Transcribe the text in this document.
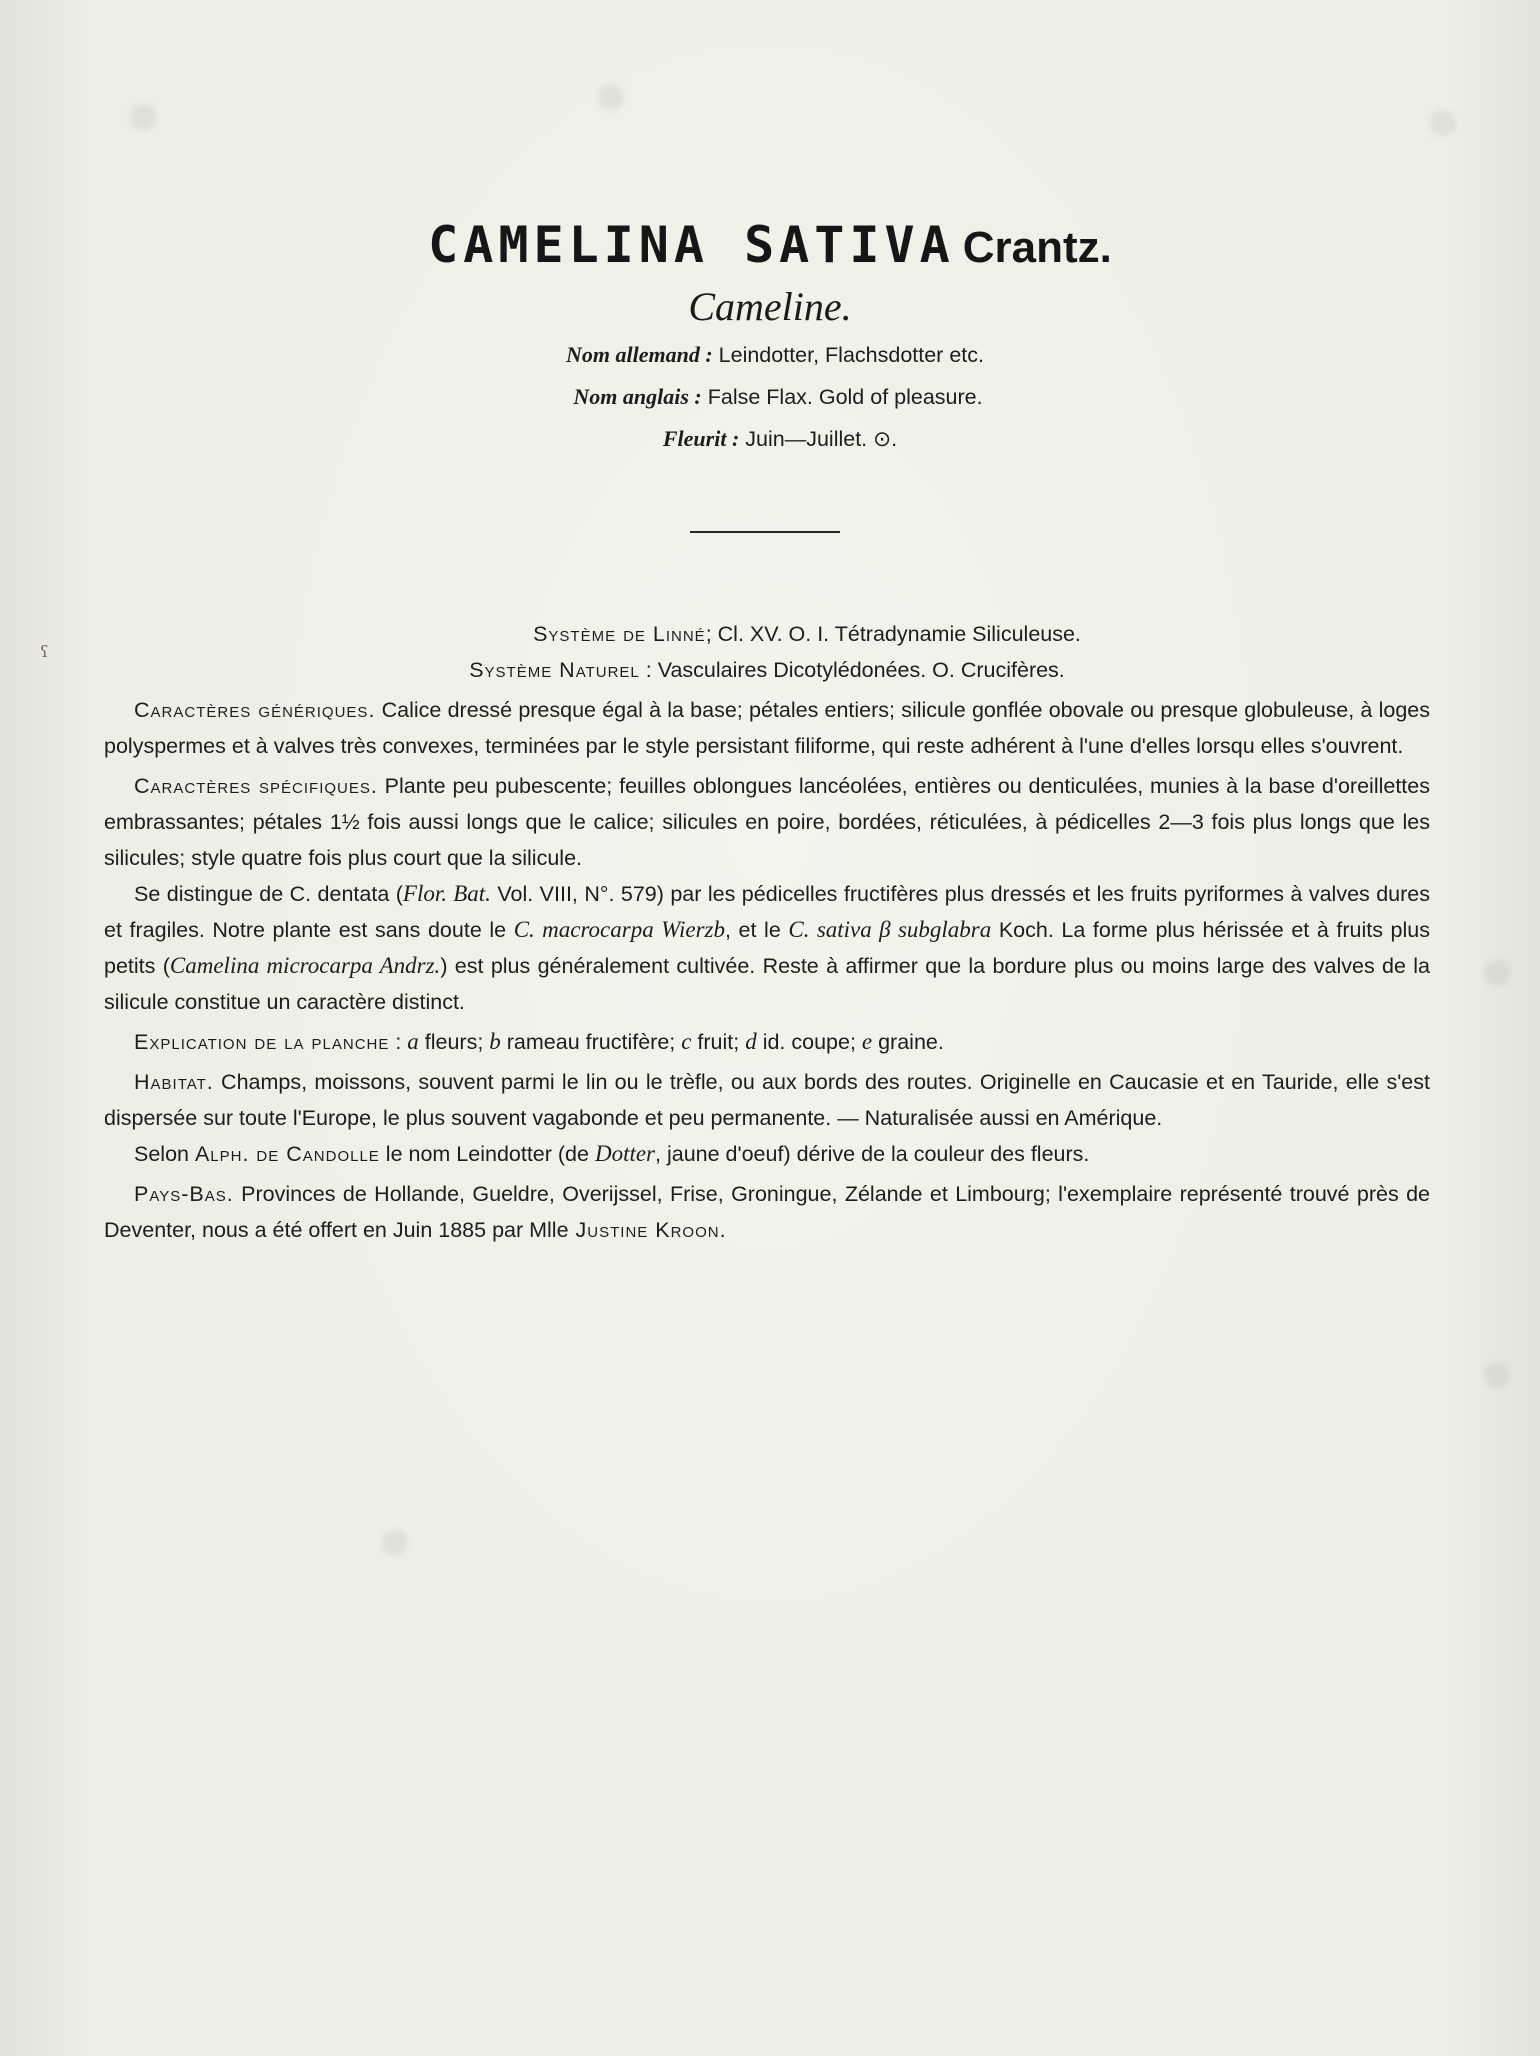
ʕ
CAMELINA SATIVA Crantz.
Cameline.
Nom allemand : Leindotter, Flachsdotter etc.
Nom anglais : False Flax. Gold of pleasure.
Fleurit : Juin—Juillet. ⊙.

Système de Linné; Cl. XV. O. I. Tétradynamie Siliculeuse.

Système Naturel : Vasculaires Dicotylédonées. O. Crucifères.

Caractères génériques. Calice dressé presque égal à la base; pétales entiers; silicule gonflée obovale ou presque globuleuse, à loges polyspermes et à valves très convexes, terminées par le style persistant filiforme, qui reste adhérent à l'une d'elles lorsqu elles s'ouvrent.

Caractères spécifiques. Plante peu pubescente; feuilles oblongues lancéolées, entières ou denticulées, munies à la base d'oreillettes embrassantes; pétales 1½ fois aussi longs que le calice; silicules en poire, bordées, réticulées, à pédicelles 2—3 fois plus longs que les silicules; style quatre fois plus court que la silicule.

Se distingue de C. dentata (Flor. Bat. Vol. VIII, N°. 579) par les pédicelles fructifères plus dressés et les fruits pyriformes à valves dures et fragiles. Notre plante est sans doute le C. macrocarpa Wierzb, et le C. sativa β subglabra Koch. La forme plus hérissée et à fruits plus petits (Camelina microcarpa Andrz.) est plus généralement cultivée. Reste à affirmer que la bordure plus ou moins large des valves de la silicule constitue un caractère distinct.

Explication de la planche : a fleurs; b rameau fructifère; c fruit; d id. coupe; e graine.

Habitat. Champs, moissons, souvent parmi le lin ou le trèfle, ou aux bords des routes. Originelle en Caucasie et en Tauride, elle s'est dispersée sur toute l'Europe, le plus souvent vagabonde et peu permanente. — Naturalisée aussi en Amérique.

Selon Alph. de Candolle le nom Leindotter (de Dotter, jaune d'oeuf) dérive de la couleur des fleurs.

Pays-Bas. Provinces de Hollande, Gueldre, Overijssel, Frise, Groningue, Zélande et Limbourg; l'exemplaire représenté trouvé près de Deventer, nous a été offert en Juin 1885 par Mlle Justine Kroon.
